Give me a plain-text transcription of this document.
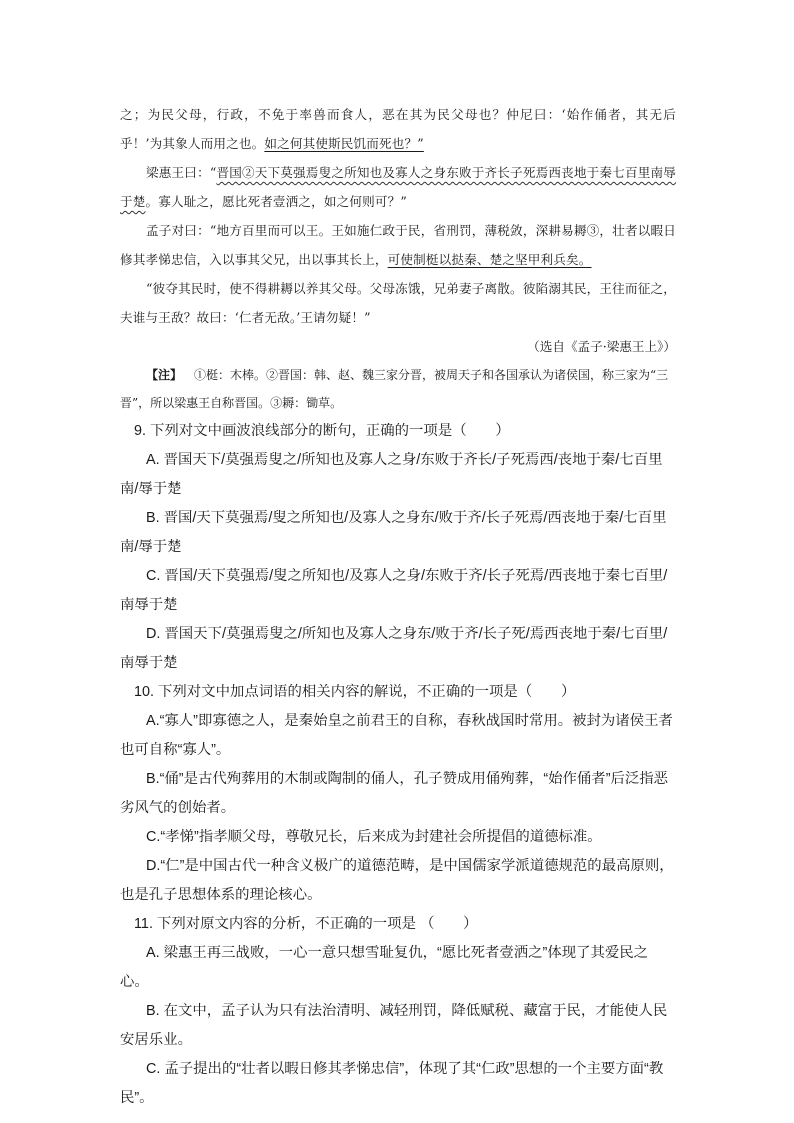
之；为民父母，行政，不免于率兽而食人，恶在其为民父母也？仲尼曰：‘始作俑者，其无后乎！’为其象人而用之也。如之何其使斯民饥而死也？”

梁惠王曰：“晋国②天下莫强焉叟之所知也及寡人之身东败于齐长子死焉西丧地于秦七百里南辱于楚。寡人耻之，愿比死者壹洒之，如之何则可？”

孟子对曰：“地方百里而可以王。王如施仁政于民，省刑罚，薄税敛，深耕易耨③，壮者以暇日修其孝悌忠信，入以事其父兄，出以事其长上，可使制梃以挞秦、楚之坚甲利兵矣。

“彼夺其民时，使不得耕耨以养其父母。父母冻饿，兄弟妻子离散。彼陷溺其民，王往而征之，夫谁与王敌？故曰：‘仁者无敌。’王请勿疑！”

（选自《孟子·梁惠王上》）

【注】 ①梃：木棒。②晋国：韩、赵、魏三家分晋，被周天子和各国承认为诸侯国，称三家为“三晋”，所以梁惠王自称晋国。③耨：锄草。

9. 下列对文中画波浪线部分的断句，正确的一项是（　　）

A. 晋国天下/莫强焉叟之/所知也及寡人之身/东败于齐长/子死焉西/丧地于秦/七百里南/辱于楚

B. 晋国/天下莫强焉/叟之所知也/及寡人之身东/败于齐/长子死焉/西丧地于秦/七百里南/辱于楚

C. 晋国/天下莫强焉/叟之所知也/及寡人之身/东败于齐/长子死焉/西丧地于秦七百里/南辱于楚

D. 晋国天下/莫强焉叟之/所知也及寡人之身东/败于齐/长子死/焉西丧地于秦/七百里/南辱于楚

10. 下列对文中加点词语的相关内容的解说，不正确的一项是（　　）

A.“寡人”即寡德之人，是秦始皇之前君王的自称，春秋战国时常用。被封为诸侯王者也可自称“寡人”。

B.“俑”是古代殉葬用的木制或陶制的俑人，孔子赞成用俑殉葬，“始作俑者”后泛指恶劣风气的创始者。

C.“孝悌”指孝顺父母，尊敬兄长，后来成为封建社会所提倡的道德标准。

D.“仁”是中国古代一种含义极广的道德范畴，是中国儒家学派道德规范的最高原则，也是孔子思想体系的理论核心。

11. 下列对原文内容的分析，不正确的一项是 （　　）

A. 梁惠王再三战败，一心一意只想雪耻复仇，“愿比死者壹洒之”体现了其爱民之心。

B. 在文中，孟子认为只有法治清明、减轻刑罚，降低赋税、藏富于民，才能使人民安居乐业。

C. 孟子提出的“壮者以暇日修其孝悌忠信”，体现了其“仁政”思想的一个主要方面“教民”。
